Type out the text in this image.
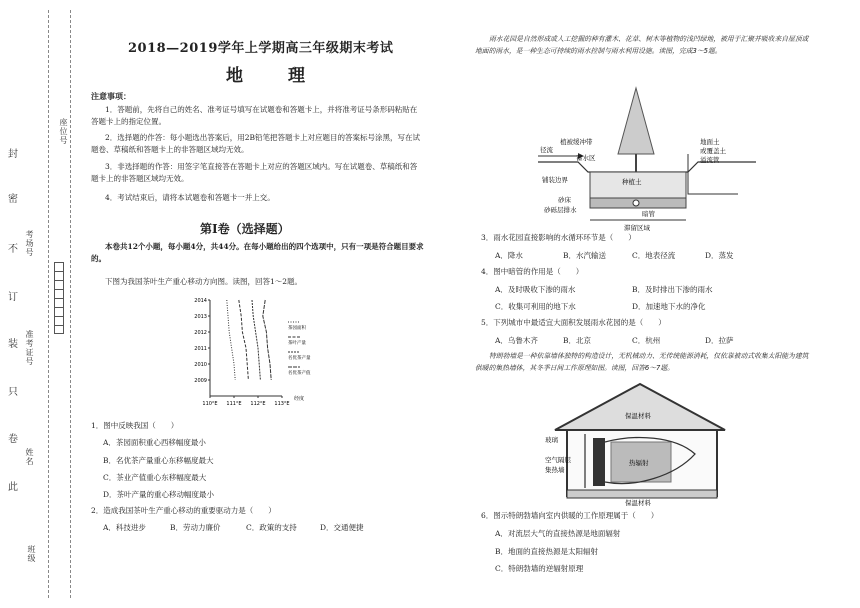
考场号
准考证号
姓名
座位号
班级
封
密
不
订
装
只
卷
此
2018—2019学年上学期高三年级期末考试
地　理
注意事项：
1．答题前，先将自己的姓名、准考证号填写在试题卷和答题卡上，并将准考证号条形码粘贴在答题卡上的指定位置。
2．选择题的作答：每小题选出答案后，用2B铅笔把答题卡上对应题目的答案标号涂黑，写在试题卷、草稿纸和答题卡上的非答题区域均无效。
3．非选择题的作答：用签字笔直接答在答题卡上对应的答题区域内。写在试题卷、草稿纸和答题卡上的非答题区域均无效。
4．考试结束后，请将本试题卷和答题卡一并上交。
第Ⅰ卷（选择题）
本卷共12个小题，每小题4分，共44分。在每小题给出的四个选项中，只有一项是符合题目要求的。
下图为我国茶叶生产重心移动方向图。读图，回答1～2题。
2009
2010
2011
2012
2013
2014
110°E 111°E 112°E 113°E
经度
茶园面积
茶叶产量
名优茶产量
名优茶产值
1．图中反映我国（　　）
A．茶园面积重心西移幅度最小
B．名优茶产量重心东移幅度最大
C．茶业产值重心东移幅度最大
D．茶叶产量的重心移动幅度最小
2．造成我国茶叶生产重心移动的重要驱动力是（　　）
A．科技进步	B．劳动力廉价	C．政策的支持	D．交通便捷
雨水花园是自然形成或人工挖掘的种有灌木、花草、树木等植物的浅凹绿地，被用于汇聚并吸收来自屋顶或地面的雨水，是一种生态可持续的雨水控制与雨水利用设施。读图，完成3～5题。
径流
植被缓冲带
蓄水区
铺装边界
砂床
砂砾层排水
地面土
或覆盖土
溢流管
种植土
暗管
滞留区域
3．雨水花园直接影响的水循环环节是（　　）
A．降水	B．水汽输送	C．地表径流	D．蒸发
4．图中暗管的作用是（　　）
A．及时吸收下渗的雨水	B．及时排出下渗的雨水
C．收集可利用的地下水	D．加速地下水的净化
5．下列城市中最适宜大面积发展雨水花园的是（　　）
A．乌鲁木齐	B．北京	C．杭州	D．拉萨
特朗勃墙是一种依靠墙体独特的构造设计，无机械动力、无传统能源消耗，仅依靠被动式收集太阳能为建筑供暖的集热墙体，其冬季日间工作原理如图。读图，回答6～7题。
保温材料
玻璃
空气隔层
集热墙
热辐射
保温材料
6．图示特朗勃墙向室内供暖的工作原理属于（　　）
A．对流层大气的直接热源是地面辐射
B．地面的直接热源是太阳辐射
C．特朗勃墙的逆辐射原理
